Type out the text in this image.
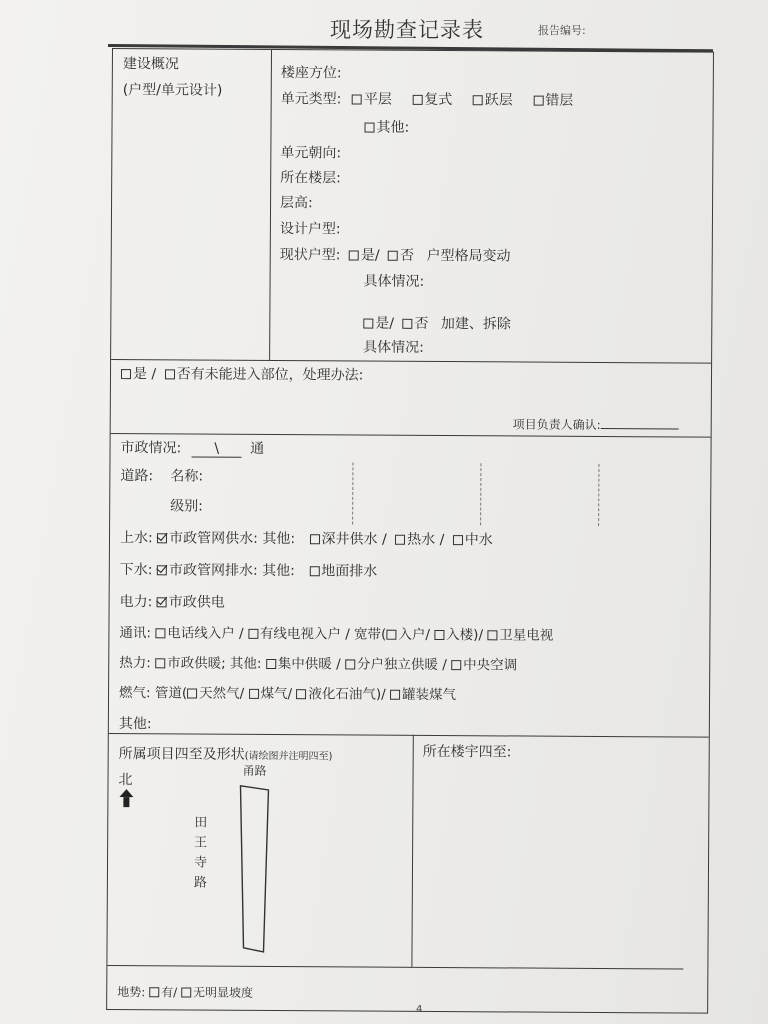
现场勘查记录表	报告编号:
建设概况
(户型/单元设计)
楼座方位:
单元类型: 平层 复式 跃层 错层
其他:
单元朝向:
所在楼层:
层高:
设计户型:
现状户型: 是/ 否 户型格局变动
具体情况:
是/ 否 加建、拆除
具体情况:
是 / 否有未能进入部位，处理办法:
项目负责人确认:
市政情况: \ 通
道路: 名称:
级别:
上水: 市政管网供水: 其他: 深井供水 / 热水 / 中水
下水: 市政管网排水: 其他: 地面排水
电力: 市政供电
通讯: 电话线入户 / 有线电视入户 / 宽带( 入户/ 入楼)/ 卫星电视
热力: 市政供暖; 其他: 集中供暖 / 分户独立供暖 / 中央空调
燃气: 管道( 天然气/ 煤气/ 液化石油气)/ 罐装煤气
其他:
所属项目四至及形状(请绘图并注明四至)	所在楼宇四至:
北
甬路
田王寺路
地势: 有/ 无明显坡度
4
